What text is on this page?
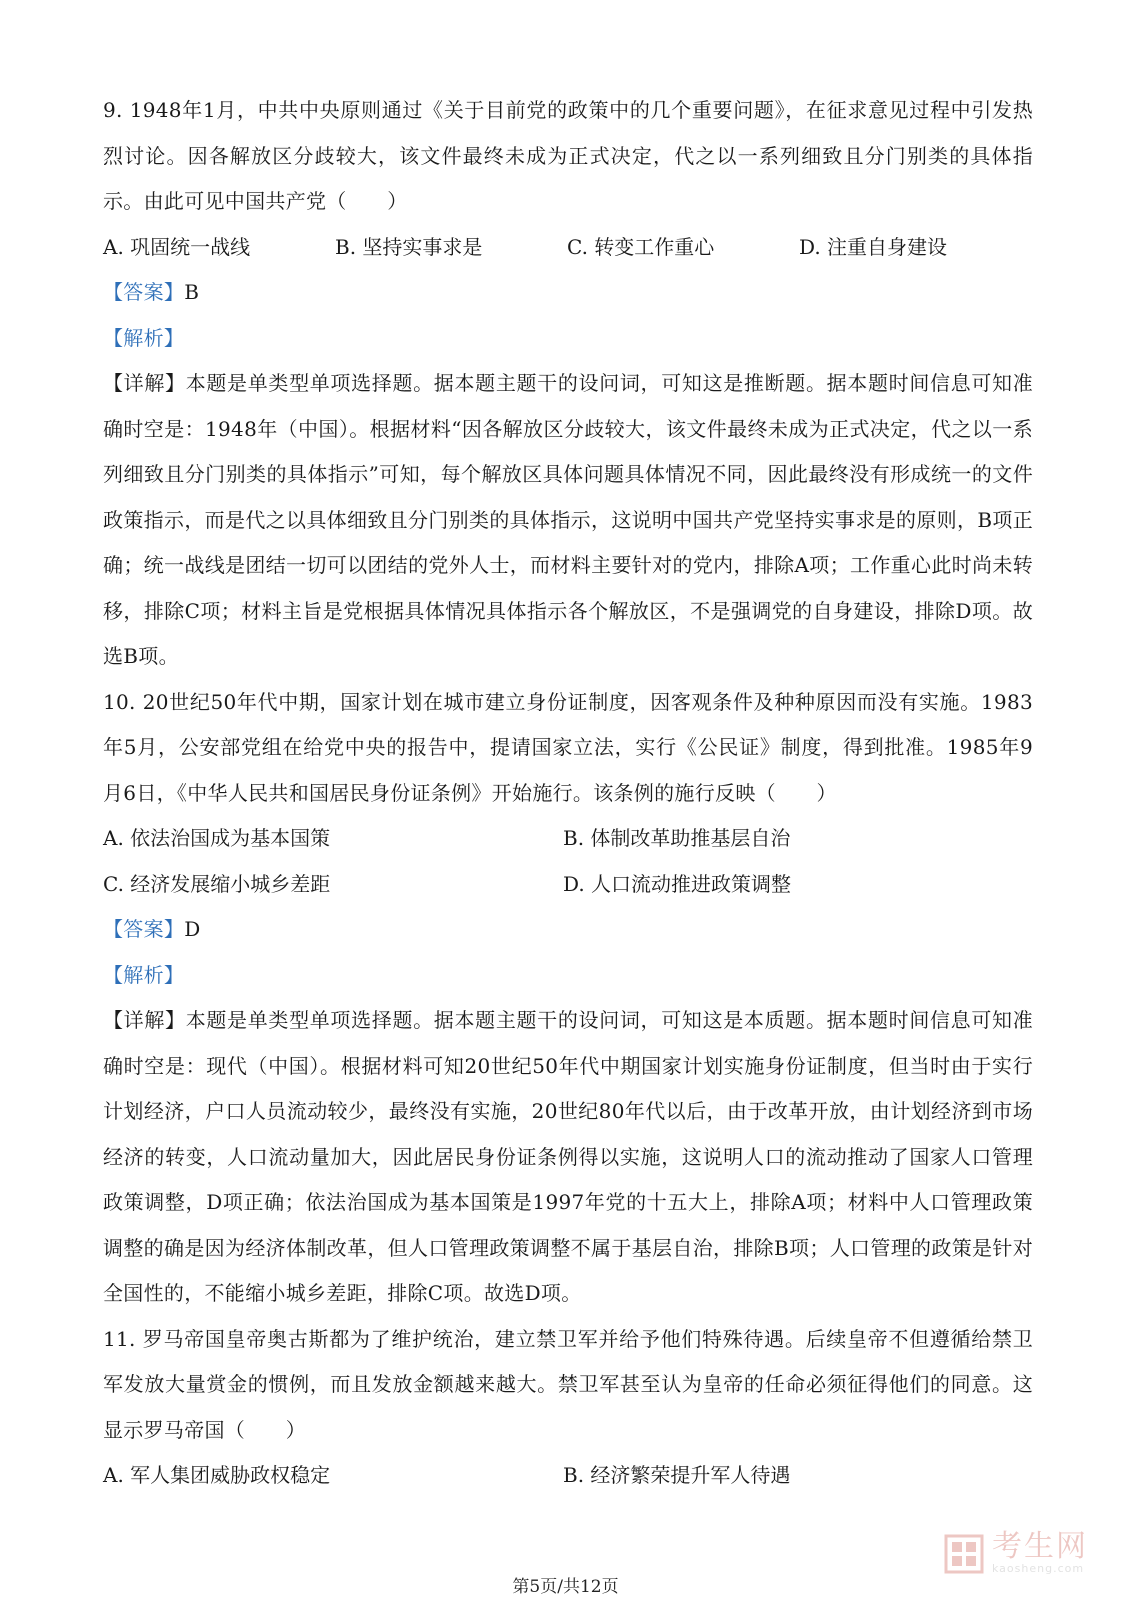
9. 1948年1月，中共中央原则通过《关于目前党的政策中的几个重要问题》，在征求意见过程中引发热烈讨论。因各解放区分歧较大，该文件最终未成为正式决定，代之以一系列细致且分门别类的具体指示。由此可见中国共产党（　　）

A. 巩固统一战线	B. 坚持实事求是	C. 转变工作重心	D. 注重自身建设

【答案】B

【解析】

【详解】本题是单类型单项选择题。据本题主题干的设问词，可知这是推断题。据本题时间信息可知准确时空是：1948年（中国）。根据材料“因各解放区分歧较大，该文件最终未成为正式决定，代之以一系列细致且分门别类的具体指示”可知，每个解放区具体问题具体情况不同，因此最终没有形成统一的文件政策指示，而是代之以具体细致且分门别类的具体指示，这说明中国共产党坚持实事求是的原则，B项正确；统一战线是团结一切可以团结的党外人士，而材料主要针对的党内，排除A项；工作重心此时尚未转移，排除C项；材料主旨是党根据具体情况具体指示各个解放区，不是强调党的自身建设，排除D项。故选B项。

10. 20世纪50年代中期，国家计划在城市建立身份证制度，因客观条件及种种原因而没有实施。1983年5月，公安部党组在给党中央的报告中，提请国家立法，实行《公民证》制度，得到批准。1985年9月6日，《中华人民共和国居民身份证条例》开始施行。该条例的施行反映（　　）

A. 依法治国成为基本国策	B. 体制改革助推基层自治
C. 经济发展缩小城乡差距	D. 人口流动推进政策调整

【答案】D

【解析】

【详解】本题是单类型单项选择题。据本题主题干的设问词，可知这是本质题。据本题时间信息可知准确时空是：现代（中国）。根据材料可知20世纪50年代中期国家计划实施身份证制度，但当时由于实行计划经济，户口人员流动较少，最终没有实施，20世纪80年代以后，由于改革开放，由计划经济到市场经济的转变，人口流动量加大，因此居民身份证条例得以实施，这说明人口的流动推动了国家人口管理政策调整，D项正确；依法治国成为基本国策是1997年党的十五大上，排除A项；材料中人口管理政策调整的确是因为经济体制改革，但人口管理政策调整不属于基层自治，排除B项；人口管理的政策是针对全国性的，不能缩小城乡差距，排除C项。故选D项。

11. 罗马帝国皇帝奥古斯都为了维护统治，建立禁卫军并给予他们特殊待遇。后续皇帝不但遵循给禁卫军发放大量赏金的惯例，而且发放金额越来越大。禁卫军甚至认为皇帝的任命必须征得他们的同意。这显示罗马帝国（　　）

A. 军人集团威胁政权稳定	B. 经济繁荣提升军人待遇
第5页/共12页
考生网
kaosheng.com
